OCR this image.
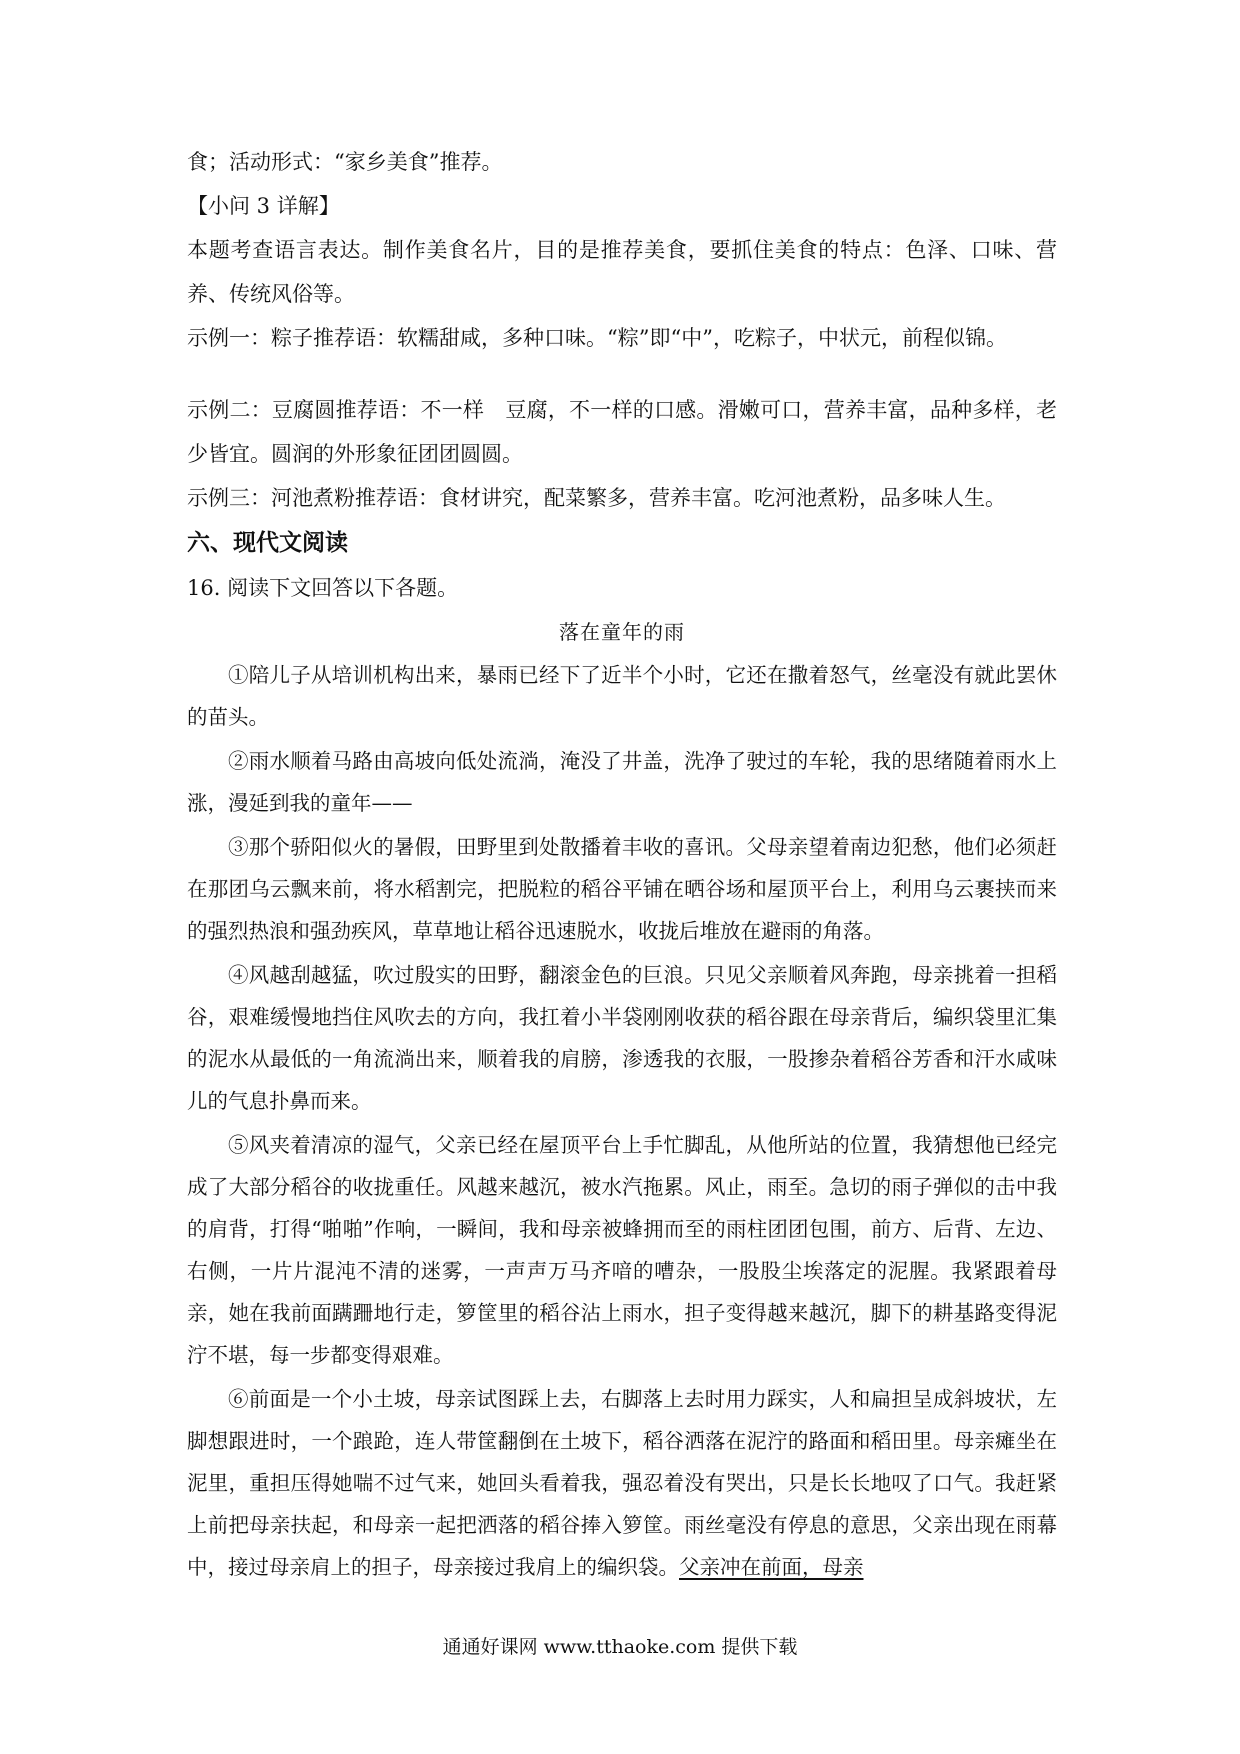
食；活动形式：“家乡美食”推荐。

【小问 3 详解】

本题考查语言表达。制作美食名片，目的是推荐美食，要抓住美食的特点：色泽、口味、营养、传统风俗等。

示例一：粽子推荐语：软糯甜咸，多种口味。“粽”即“中”，吃粽子，中状元，前程似锦。

示例二：豆腐圆推荐语：不一样　豆腐，不一样的口感。滑嫩可口，营养丰富，品种多样，老少皆宜。圆润的外形象征团团圆圆。

示例三：河池煮粉推荐语：食材讲究，配菜繁多，营养丰富。吃河池煮粉，品多味人生。

六、现代文阅读

16. 阅读下文回答以下各题。

落在童年的雨

①陪儿子从培训机构出来，暴雨已经下了近半个小时，它还在撒着怒气，丝毫没有就此罢休的苗头。

②雨水顺着马路由高坡向低处流淌，淹没了井盖，洗净了驶过的车轮，我的思绪随着雨水上涨，漫延到我的童年——

③那个骄阳似火的暑假，田野里到处散播着丰收的喜讯。父母亲望着南边犯愁，他们必须赶在那团乌云飘来前，将水稻割完，把脱粒的稻谷平铺在晒谷场和屋顶平台上，利用乌云裹挟而来的强烈热浪和强劲疾风，草草地让稻谷迅速脱水，收拢后堆放在避雨的角落。

④风越刮越猛，吹过殷实的田野，翻滚金色的巨浪。只见父亲顺着风奔跑，母亲挑着一担稻谷，艰难缓慢地挡住风吹去的方向，我扛着小半袋刚刚收获的稻谷跟在母亲背后，编织袋里汇集的泥水从最低的一角流淌出来，顺着我的肩膀，渗透我的衣服，一股掺杂着稻谷芳香和汗水咸味儿的气息扑鼻而来。

⑤风夹着清凉的湿气，父亲已经在屋顶平台上手忙脚乱，从他所站的位置，我猜想他已经完成了大部分稻谷的收拢重任。风越来越沉，被水汽拖累。风止，雨至。急切的雨子弹似的击中我的肩背，打得“啪啪”作响，一瞬间，我和母亲被蜂拥而至的雨柱团团包围，前方、后背、左边、右侧，一片片混沌不清的迷雾，一声声万马齐喑的嘈杂，一股股尘埃落定的泥腥。我紧跟着母亲，她在我前面蹒跚地行走，箩筐里的稻谷沾上雨水，担子变得越来越沉，脚下的耕基路变得泥泞不堪，每一步都变得艰难。

⑥前面是一个小土坡，母亲试图踩上去，右脚落上去时用力踩实，人和扁担呈成斜坡状，左脚想跟进时，一个踉跄，连人带筐翻倒在土坡下，稻谷洒落在泥泞的路面和稻田里。母亲瘫坐在泥里，重担压得她喘不过气来，她回头看着我，强忍着没有哭出，只是长长地叹了口气。我赶紧上前把母亲扶起，和母亲一起把洒落的稻谷捧入箩筐。雨丝毫没有停息的意思，父亲出现在雨幕中，接过母亲肩上的担子，母亲接过我肩上的编织袋。父亲冲在前面，母亲

通通好课网 www.tthaoke.com 提供下载
